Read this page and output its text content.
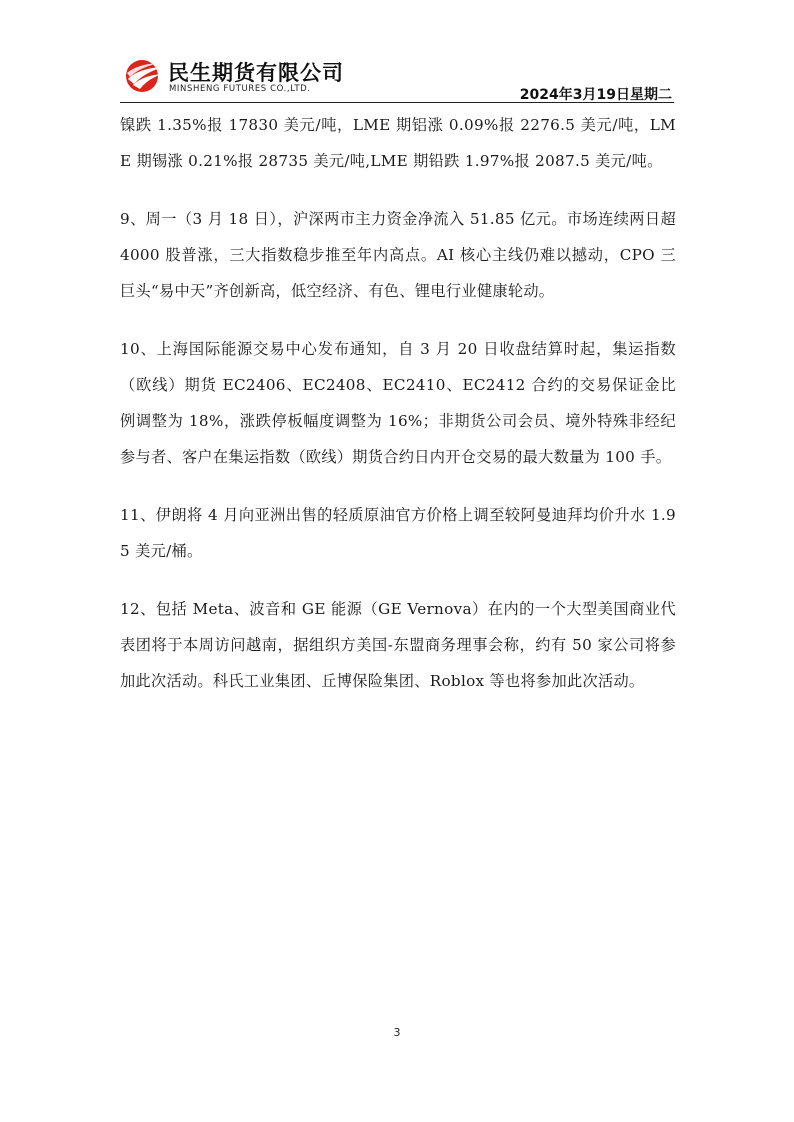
民生期货有限公司
MINSHENG FUTURES CO.,LTD.	2024年3月19日星期二

镍跌 1.35%报 17830 美元/吨，LME 期铝涨 0.09%报 2276.5 美元/吨，LME 期锡涨 0.21%报 28735 美元/吨,LME 期铅跌 1.97%报 2087.5 美元/吨。

9、周一（3 月 18 日），沪深两市主力资金净流入 51.85 亿元。市场连续两日超 4000 股普涨，三大指数稳步推至年内高点。AI 核心主线仍难以撼动，CPO 三巨头“易中天”齐创新高，低空经济、有色、锂电行业健康轮动。

10、上海国际能源交易中心发布通知，自 3 月 20 日收盘结算时起，集运指数（欧线）期货 EC2406、EC2408、EC2410、EC2412 合约的交易保证金比例调整为 18%，涨跌停板幅度调整为 16%；非期货公司会员、境外特殊非经纪参与者、客户在集运指数（欧线）期货合约日内开仓交易的最大数量为 100 手。

11、伊朗将 4 月向亚洲出售的轻质原油官方价格上调至较阿曼迪拜均价升水 1.95 美元/桶。

12、包括 Meta、波音和 GE 能源（GE Vernova）在内的一个大型美国商业代表团将于本周访问越南，据组织方美国-东盟商务理事会称，约有 50 家公司将参加此次活动。科氏工业集团、丘博保险集团、Roblox 等也将参加此次活动。

3
